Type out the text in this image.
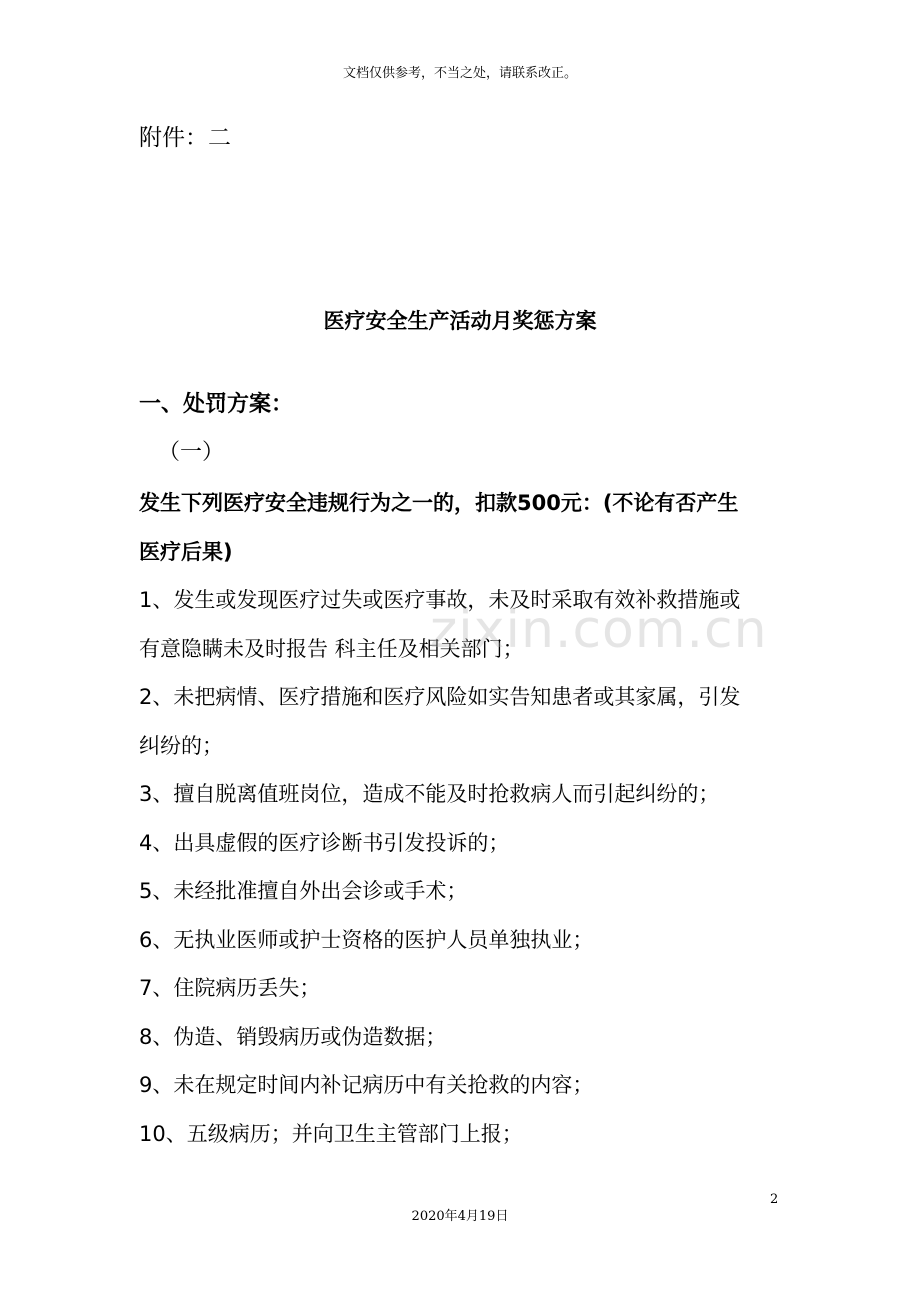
文档仅供参考，不当之处，请联系改正。
附件：二
医疗安全生产活动月奖惩方案
一、处罚方案：
（一）

发生下列医疗安全违规行为之一的，扣款500元：(不论有否产生

医疗后果)

1、发生或发现医疗过失或医疗事故，未及时采取有效补救措施或

有意隐瞒未及时报告 科主任及相关部门；

2、未把病情、医疗措施和医疗风险如实告知患者或其家属，引发

纠纷的；

3、擅自脱离值班岗位，造成不能及时抢救病人而引起纠纷的；

4、出具虚假的医疗诊断书引发投诉的；

5、未经批准擅自外出会诊或手术；

6、无执业医师或护士资格的医护人员单独执业；

7、住院病历丢失；

8、伪造、销毁病历或伪造数据；

9、未在规定时间内补记病历中有关抢救的内容；

10、五级病历；并向卫生主管部门上报；

zixin.com.cn
2
2020年4月19日
